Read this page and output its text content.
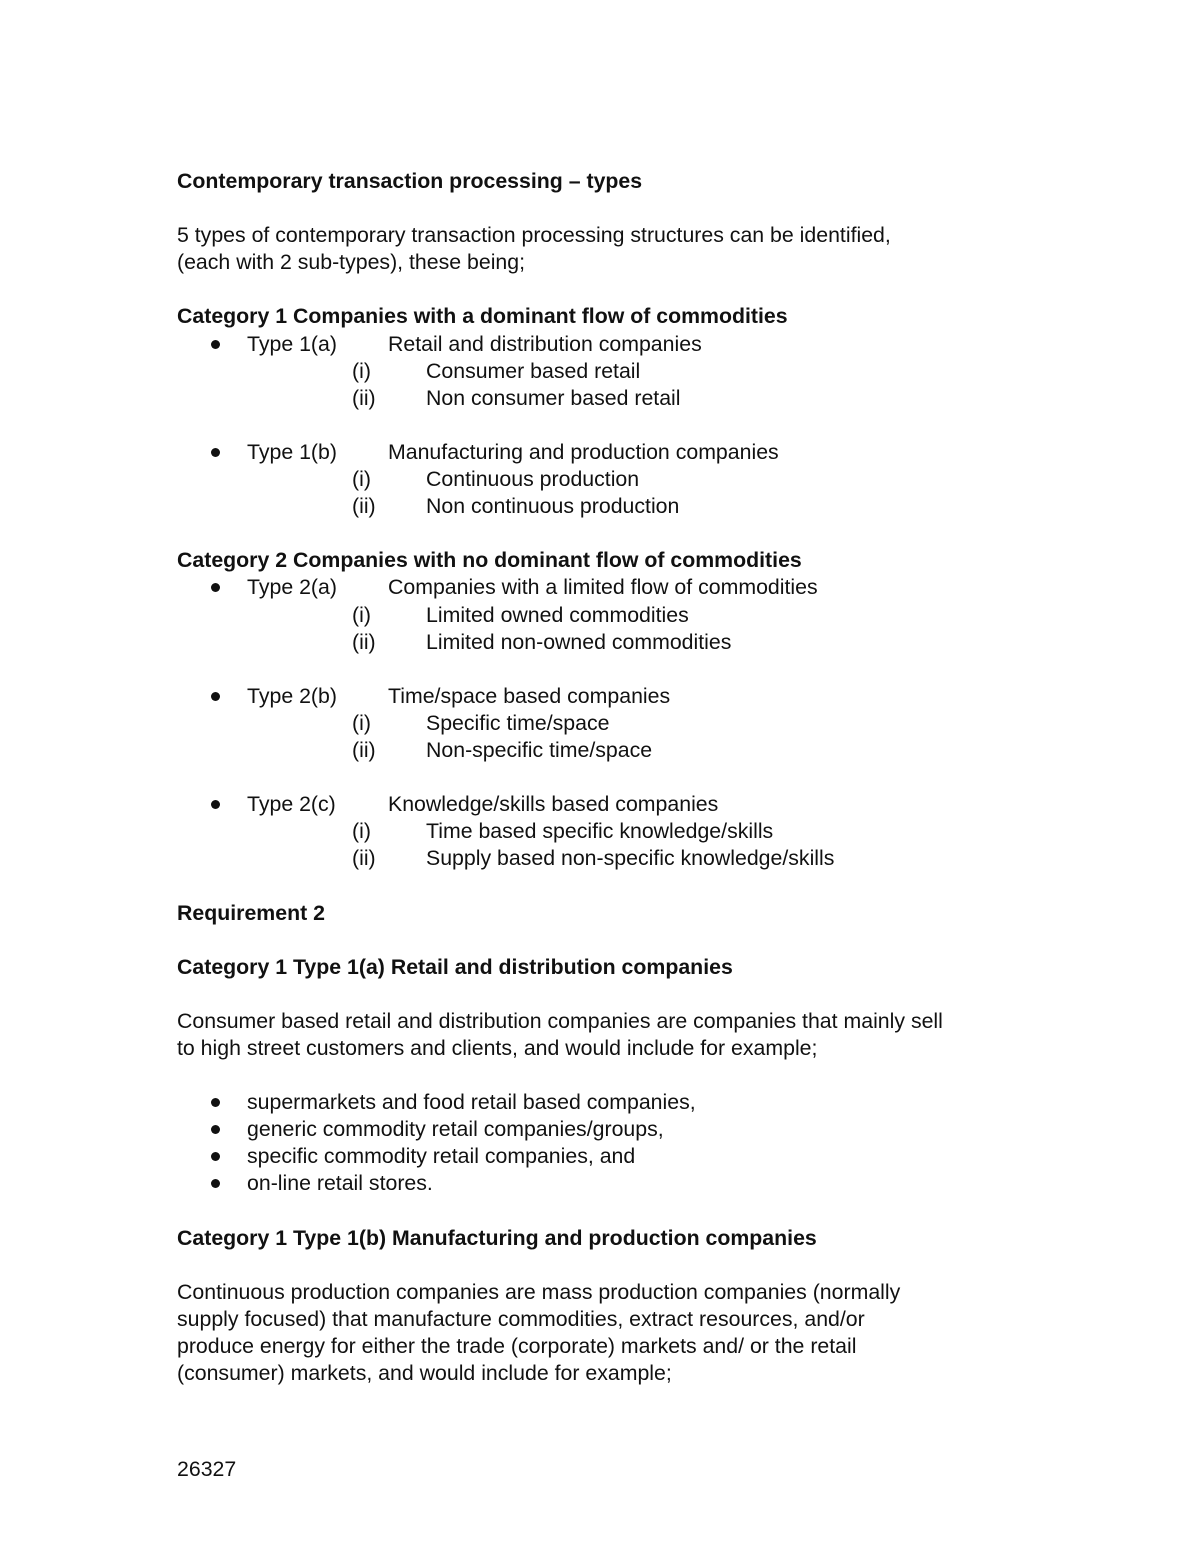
Contemporary transaction processing – types
5 types of contemporary transaction processing structures can be identified,
(each with 2 sub-types), these being;
Category 1 Companies with a dominant flow of commodities
Type 1(a) Retail and distribution companies
(i)	Consumer based retail
(ii) Non consumer based retail
Type 1(b) Manufacturing and production companies
(i)	Continuous production
(ii) Non continuous production
Category 2 Companies with no dominant flow of commodities
Type 2(a) Companies with a limited flow of commodities
(i)	Limited owned commodities
(ii) Limited non-owned commodities
Type 2(b) Time/space based companies
(i)	Specific time/space
(ii) Non-specific time/space
Type 2(c) Knowledge/skills based companies
(i)	Time based specific knowledge/skills
(ii) Supply based non-specific knowledge/skills
Requirement 2
Category 1 Type 1(a) Retail and distribution companies
Consumer based retail and distribution companies are companies that mainly sell
to high street customers and clients, and would include for example;
supermarkets and food retail based companies,
generic commodity retail companies/groups,
specific commodity retail companies, and
on-line retail stores.
Category 1 Type 1(b) Manufacturing and production companies
Continuous production companies are mass production companies (normally
supply focused) that manufacture commodities, extract resources, and/or
produce energy for either the trade (corporate) markets and/ or the retail
(consumer) markets, and would include for example;
26327
